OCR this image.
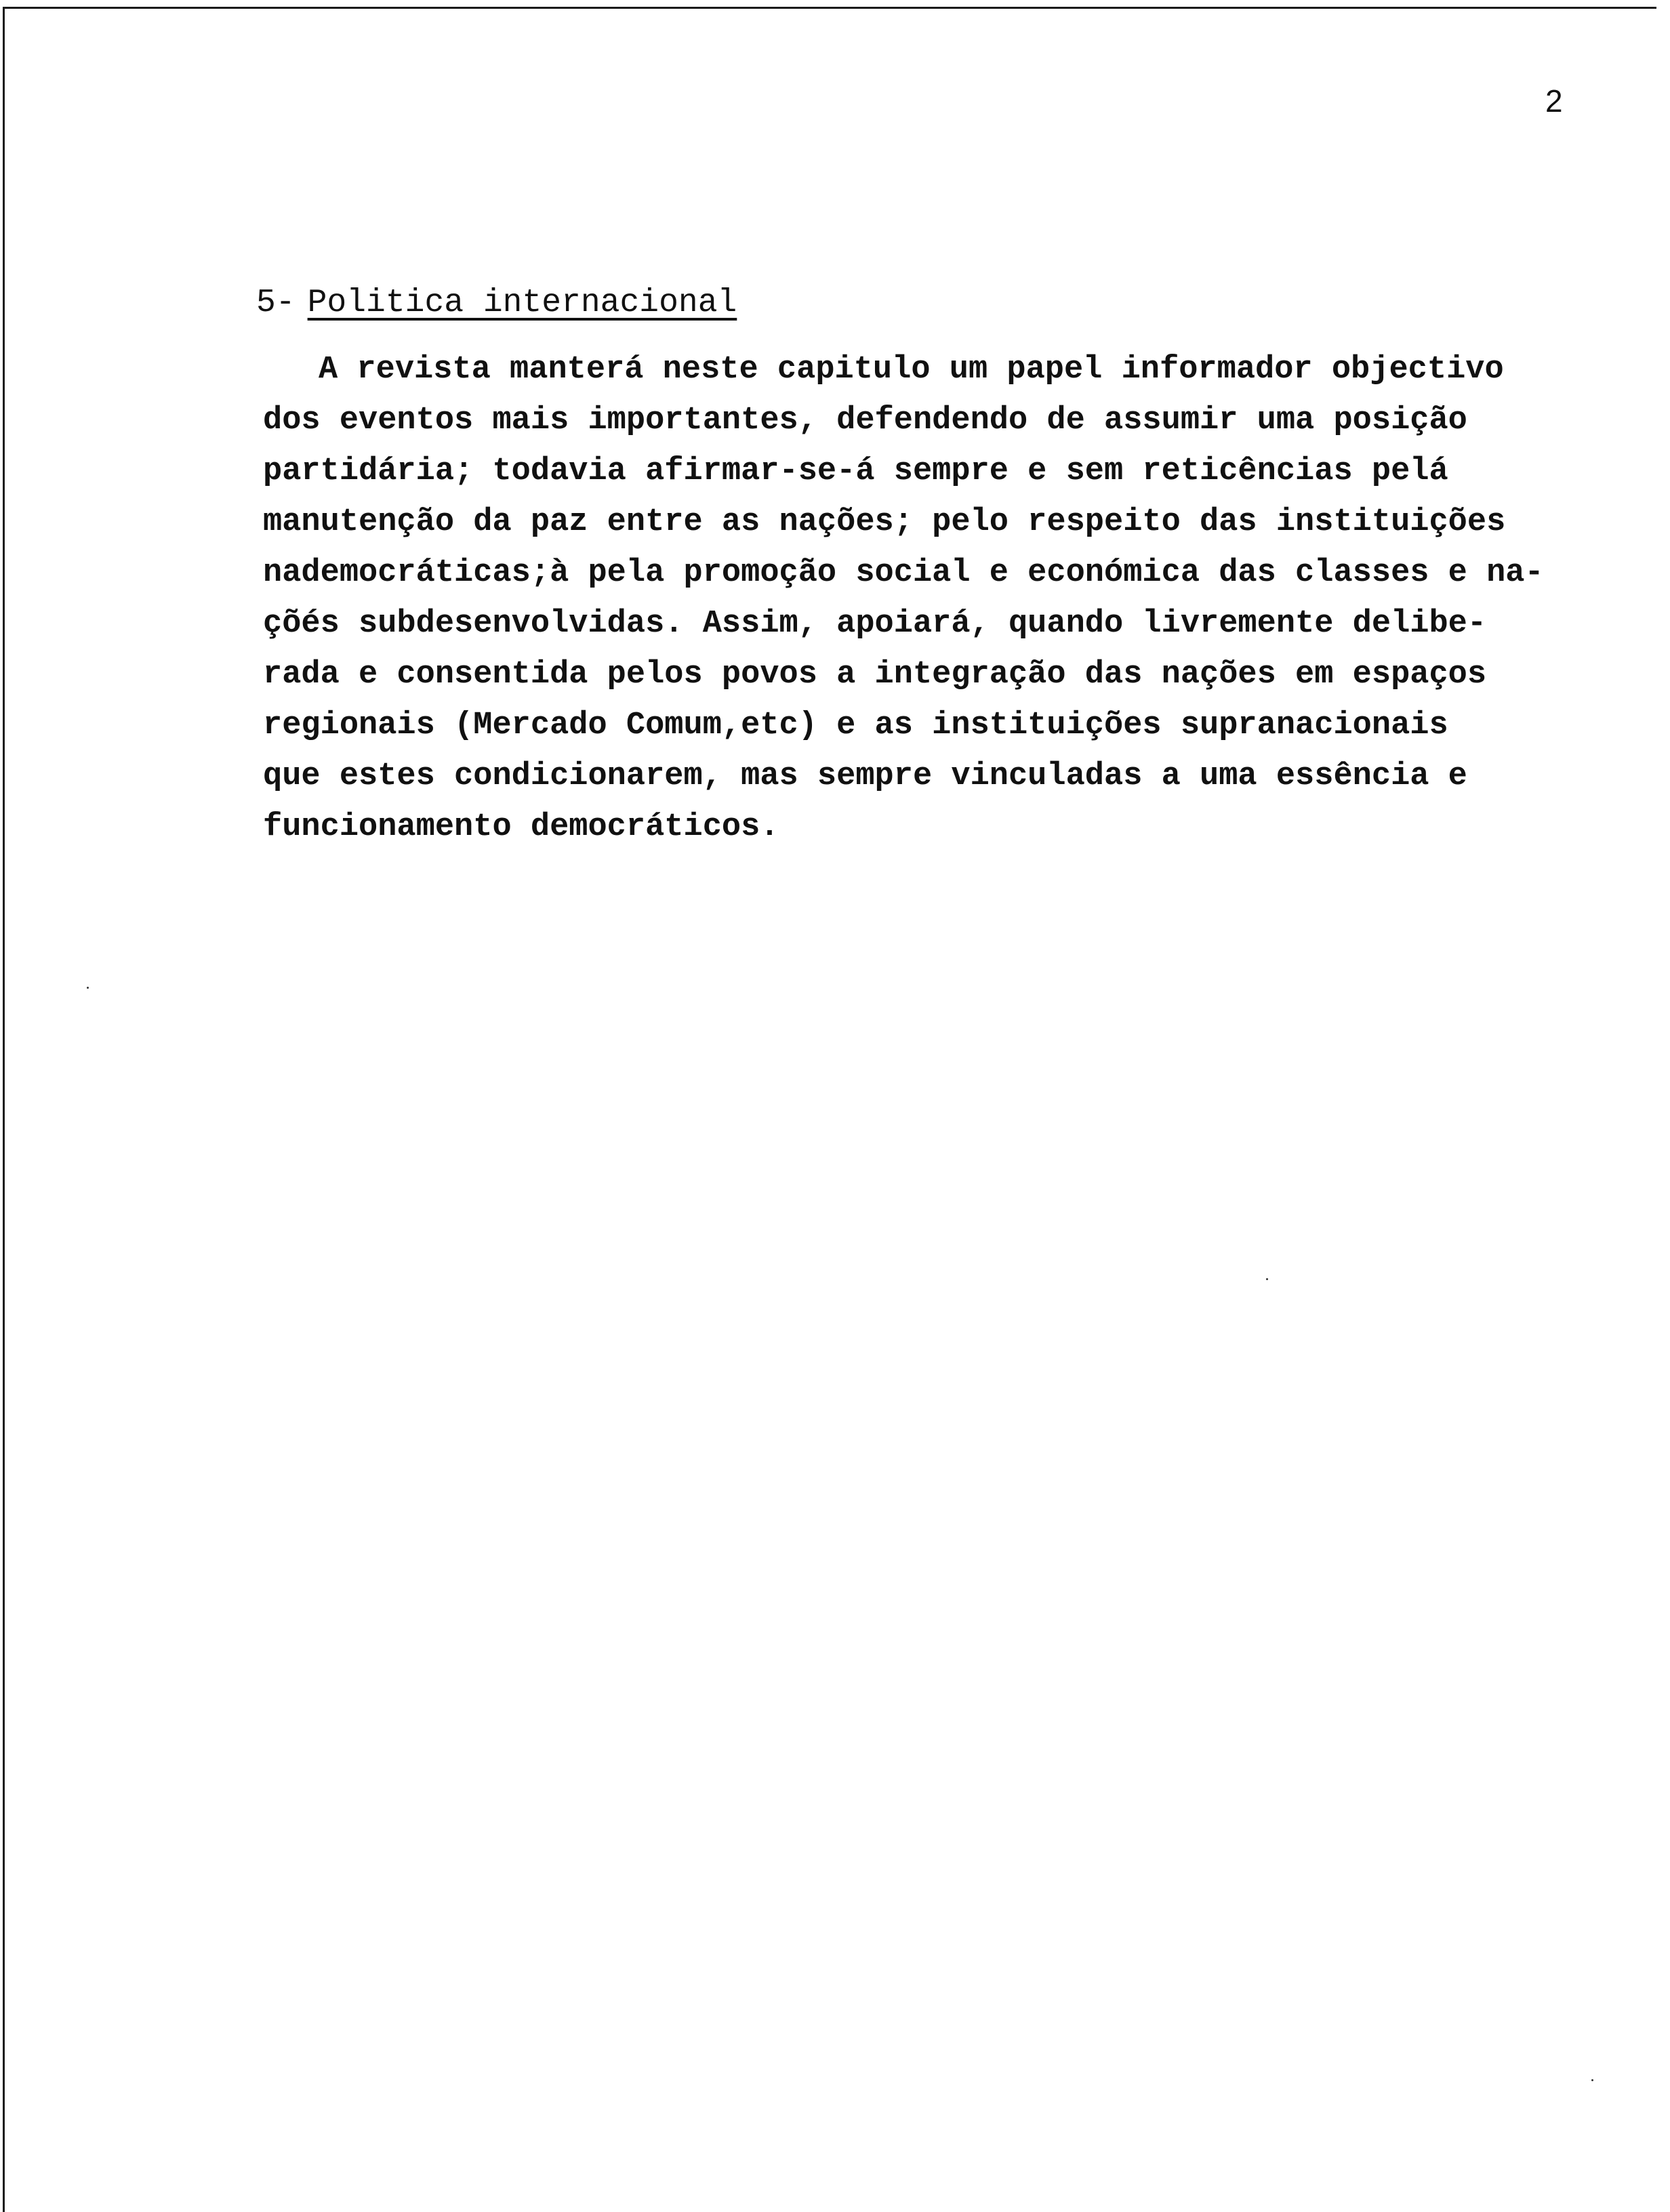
2
5- Politica internacional
A revista manterá neste capitulo um papel informador objectivo
dos eventos mais importantes, defendendo de assumir uma posição
partidária; todavia afirmar-se-á sempre e sem reticências pelá
manutenção da paz entre as nações; pelo respeito das instituições
nademocráticas;à pela promoção social e económica das classes e na-
çõés subdesenvolvidas. Assim, apoiará, quando livremente delibe-
rada e consentida pelos povos a integração das nações em espaços
regionais (Mercado Comum,etc) e as instituições supranacionais
que estes condicionarem, mas sempre vinculadas a uma essência e
funcionamento democráticos.
